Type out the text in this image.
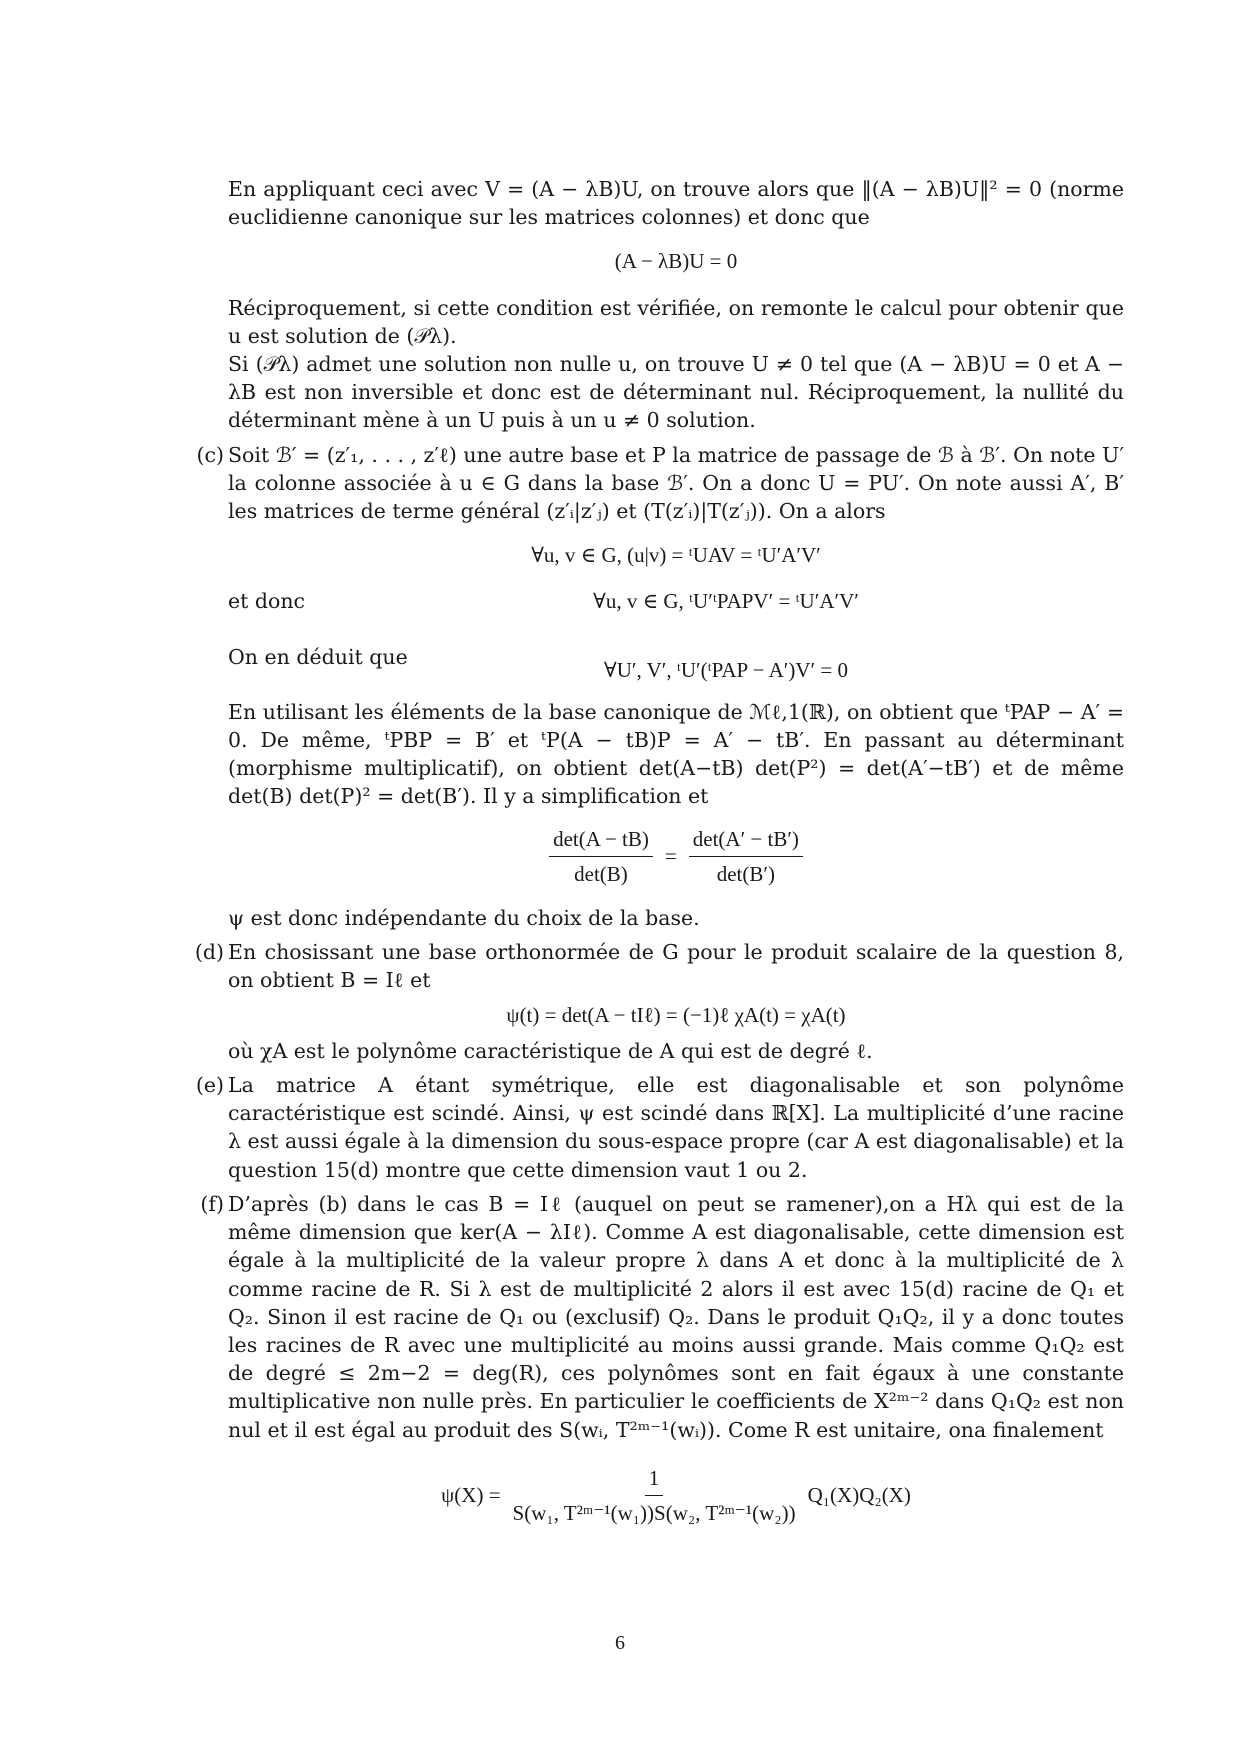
En appliquant ceci avec V = (A − λB)U, on trouve alors que ‖(A − λB)U‖² = 0 (norme euclidienne canonique sur les matrices colonnes) et donc que

(A − λB)U = 0

Réciproquement, si cette condition est vérifiée, on remonte le calcul pour obtenir que u est solution de (𝒫λ).

Si (𝒫λ) admet une solution non nulle u, on trouve U ≠ 0 tel que (A − λB)U = 0 et A − λB est non inversible et donc est de déterminant nul. Réciproquement, la nullité du déterminant mène à un U puis à un u ≠ 0 solution.

(c) Soit ℬ′ = (z′₁, . . . , z′ℓ) une autre base et P la matrice de passage de ℬ à ℬ′. On note U′ la colonne associée à u ∈ G dans la base ℬ′. On a donc U = PU′. On note aussi A′, B′ les matrices de terme général (z′ᵢ|z′ⱼ) et (T(z′ᵢ)|T(z′ⱼ)). On a alors

∀u, v ∈ G, (u|v) = ᵗUAV = ᵗU′A′V′
et donc	∀u, v ∈ G, ᵗU′ᵗPAPV′ = ᵗU′A′V′
On en déduit que
∀U′, V′, ᵗU′(ᵗPAP − A′)V′ = 0

En utilisant les éléments de la base canonique de ℳℓ,1(ℝ), on obtient que ᵗPAP − A′ = 0. De même, ᵗPBP = B′ et ᵗP(A − tB)P = A′ − tB′. En passant au déterminant (morphisme multiplicatif), on obtient det(A−tB) det(P²) = det(A′−tB′) et de même det(B) det(P)² = det(B′). Il y a simplification et

$\frac{\det(A - tB)}{\det(B)} = \frac{\det(A' - tB')}{\det(B')}$

ψ est donc indépendante du choix de la base.

(d) En chosissant une base orthonormée de G pour le produit scalaire de la question 8, on obtient B = Iℓ et

ψ(t) = det(A − tIℓ) = (−1)ℓ χA(t) = χA(t)

où χA est le polynôme caractéristique de A qui est de degré ℓ.

(e) La matrice A étant symétrique, elle est diagonalisable et son polynôme caractéristique est scindé. Ainsi, ψ est scindé dans ℝ[X]. La multiplicité d’une racine λ est aussi égale à la dimension du sous-espace propre (car A est diagonalisable) et la question 15(d) montre que cette dimension vaut 1 ou 2.

(f) D’après (b) dans le cas B = Iℓ (auquel on peut se ramener),on a Hλ qui est de la même dimension que ker(A − λIℓ). Comme A est diagonalisable, cette dimension est égale à la multiplicité de la valeur propre λ dans A et donc à la multiplicité de λ comme racine de R. Si λ est de multiplicité 2 alors il est avec 15(d) racine de Q₁ et Q₂. Sinon il est racine de Q₁ ou (exclusif) Q₂. Dans le produit Q₁Q₂, il y a donc toutes les racines de R avec une multiplicité au moins aussi grande. Mais comme Q₁Q₂ est de degré ≤ 2m−2 = deg(R), ces polynômes sont en fait égaux à une constante multiplicative non nulle près. En particulier le coefficients de X²ᵐ⁻² dans Q₁Q₂ est non nul et il est égal au produit des S(wᵢ, T²ᵐ⁻¹(wᵢ)). Come R est unitaire, ona finalement

$\psi(X) = \frac{1}{\text{S(w₁, T²ᵐ⁻¹(w₁))S(w₂, T²ᵐ⁻¹(w₂))}} Q_1(X)Q_2(X)$
6
